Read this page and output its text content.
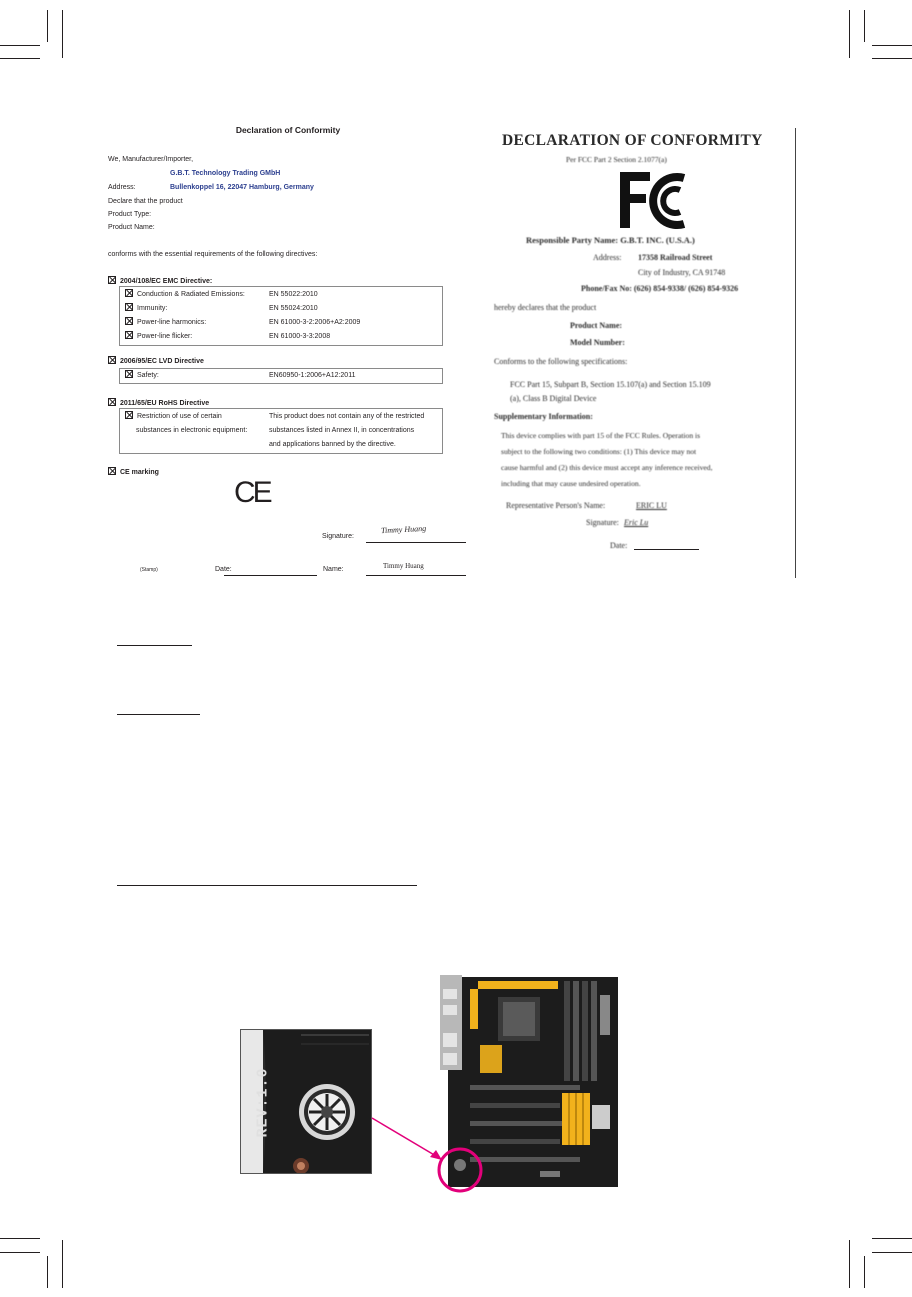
Declaration of Conformity
We, Manufacturer/Importer,
G.B.T. Technology Trading GMbH
Address:	Bullenkoppel 16, 22047 Hamburg, Germany
Declare that the product
Product Type:
Product Name:
conforms with the essential requirements of the following directives:
2004/108/EC EMC Directive:
Conduction & Radiated Emissions:	EN 55022:2010
Immunity:	EN 55024:2010
Power-line harmonics:	EN 61000-3-2:2006+A2:2009
Power-line flicker:	EN 61000-3-3:2008
2006/95/EC LVD Directive
Safety:	EN60950-1:2006+A12:2011
2011/65/EU RoHS Directive
Restriction of use of certain
substances in electronic equipment:
This product does not contain any of the restricted
substances listed in Annex II, in concentrations
and applications banned by the directive.
CE marking
CE
Signature:
Timmy Huang
(Stamp)	Date:	Name:	Timmy Huang
DECLARATION OF CONFORMITY
Per FCC Part 2 Section 2.1077(a)
Responsible Party Name: G.B.T. INC. (U.S.A.)
Address: 17358 Railroad Street
City of Industry, CA 91748
Phone/Fax No: (626) 854-9338/ (626) 854-9326
hereby declares that the product
Product Name:
Model Number:
Conforms to the following specifications:
FCC Part 15, Subpart B, Section 15.107(a) and Section 15.109
(a), Class B Digital Device
Supplementary Information:
This device complies with part 15 of the FCC Rules. Operation is
subject to the following two conditions: (1) This device may not
cause harmful and (2) this device must accept any inference received,
including that may cause undesired operation.
Representative Person's Name:	ERIC LU
Signature: Eric Lu
Date:
REV:1.0
